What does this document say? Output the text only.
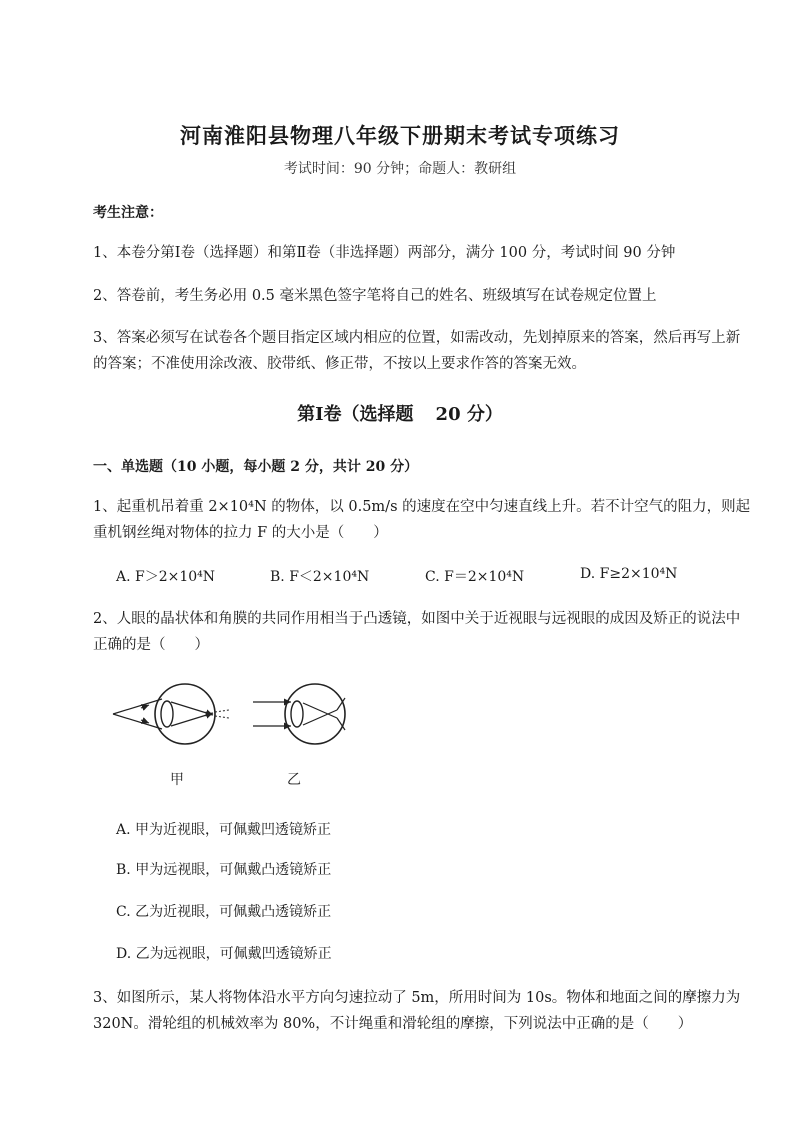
河南淮阳县物理八年级下册期末考试专项练习
考试时间：90 分钟；命题人：教研组
考生注意：
1、本卷分第Ⅰ卷（选择题）和第Ⅱ卷（非选择题）两部分，满分 100 分，考试时间 90 分钟
2、答卷前，考生务必用 0.5 毫米黑色签字笔将自己的姓名、班级填写在试卷规定位置上
3、答案必须写在试卷各个题目指定区域内相应的位置，如需改动，先划掉原来的答案，然后再写上新
的答案；不准使用涂改液、胶带纸、修正带，不按以上要求作答的答案无效。
第Ⅰ卷（选择题 20 分）
一、单选题（10 小题，每小题 2 分，共计 20 分）
1、起重机吊着重 2×10⁴N 的物体，以 0.5m/s 的速度在空中匀速直线上升。若不计空气的阻力，则起
重机钢丝绳对物体的拉力 F 的大小是（　　）
A. F＞2×10⁴N	B. F＜2×10⁴N	C. F＝2×10⁴N	D. F≥2×10⁴N
2、人眼的晶状体和角膜的共同作用相当于凸透镜，如图中关于近视眼与远视眼的成因及矫正的说法中
正确的是（　　）
甲	乙
A. 甲为近视眼，可佩戴凹透镜矫正
B. 甲为远视眼，可佩戴凸透镜矫正
C. 乙为近视眼，可佩戴凸透镜矫正
D. 乙为远视眼，可佩戴凹透镜矫正
3、如图所示，某人将物体沿水平方向匀速拉动了 5m，所用时间为 10s。物体和地面之间的摩擦力为
320N。滑轮组的机械效率为 80%，不计绳重和滑轮组的摩擦，下列说法中正确的是（　　）
